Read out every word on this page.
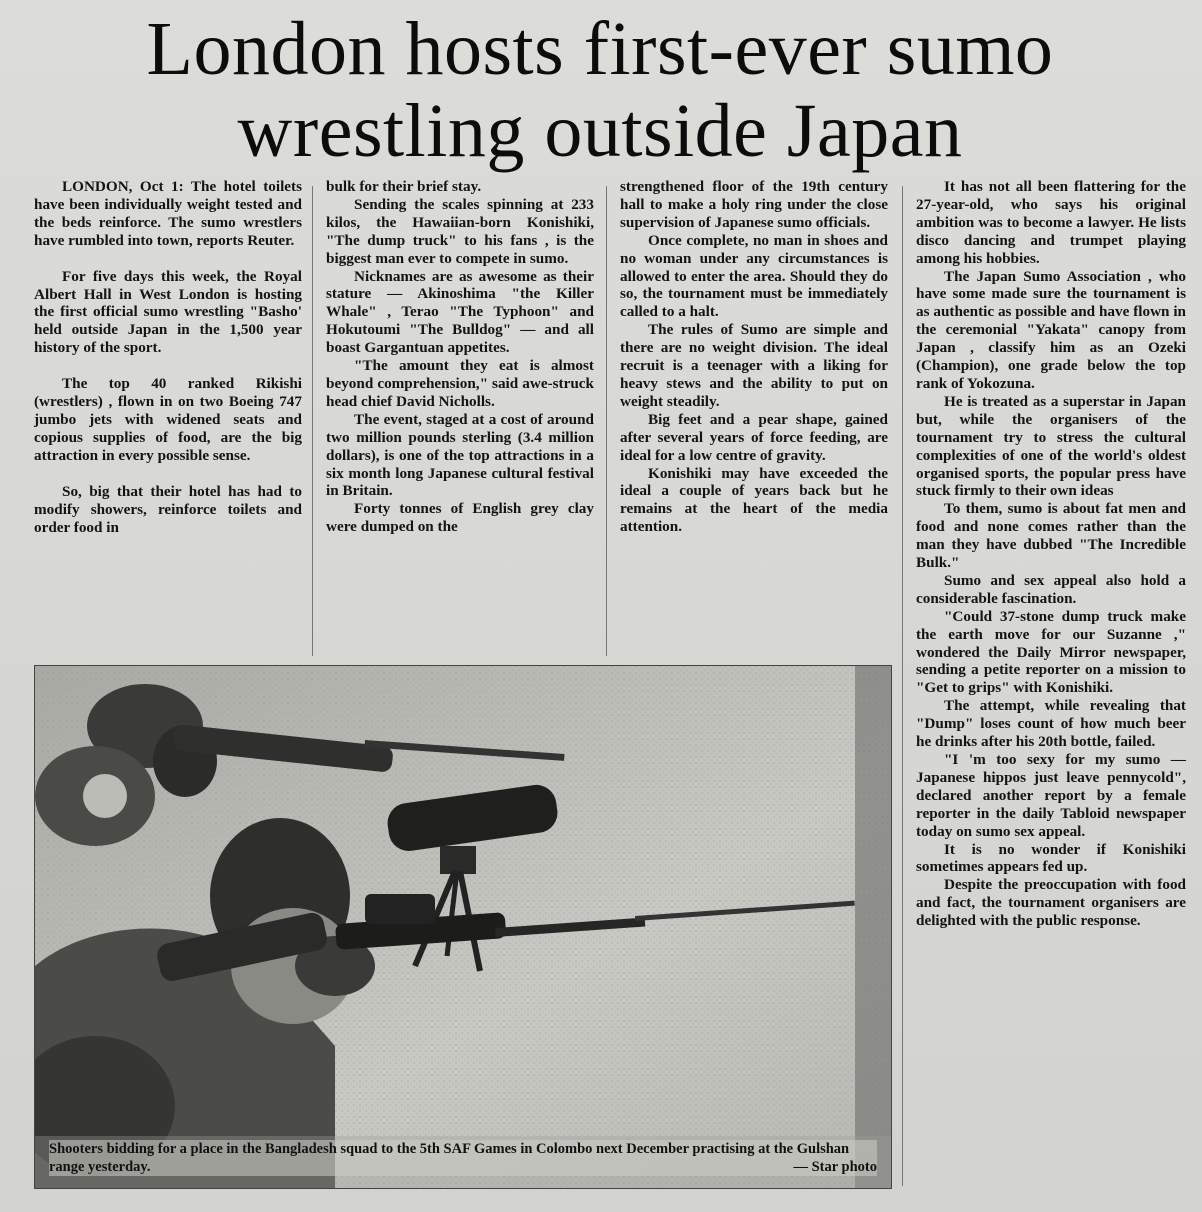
London hosts first-ever sumo
wrestling outside Japan

LONDON, Oct 1: The hotel toilets have been individually weight tested and the beds reinforce. The sumo wrestlers have rumbled into town, reports Reuter.

For five days this week, the Royal Albert Hall in West London is hosting the first official sumo wrestling "Basho' held outside Japan in the 1,500 year history of the sport.

The top 40 ranked Rikishi (wrestlers) , flown in on two Boeing 747 jumbo jets with widened seats and copious supplies of food, are the big attraction in every possible sense.

So, big that their hotel has had to modify showers, reinforce toilets and order food in

bulk for their brief stay.

Sending the scales spinning at 233 kilos, the Hawaiian-born Konishiki, "The dump truck" to his fans , is the biggest man ever to compete in sumo.

Nicknames are as awesome as their stature — Akinoshima "the Killer Whale" , Terao "The Typhoon" and Hokutoumi "The Bulldog" — and all boast Gargantuan appetites.

"The amount they eat is almost beyond comprehension," said awe-struck head chief David Nicholls.

The event, staged at a cost of around two million pounds sterling (3.4 million dollars), is one of the top attractions in a six month long Japanese cultural festival in Britain.

Forty tonnes of English grey clay were dumped on the

strengthened floor of the 19th century hall to make a holy ring under the close supervision of Japanese sumo officials.

Once complete, no man in shoes and no woman under any circumstances is allowed to enter the area. Should they do so, the tournament must be immediately called to a halt.

The rules of Sumo are simple and there are no weight division. The ideal recruit is a teenager with a liking for heavy stews and the ability to put on weight steadily.

Big feet and a pear shape, gained after several years of force feeding, are ideal for a low centre of gravity.

Konishiki may have exceeded the ideal a couple of years back but he remains at the heart of the media attention.

It has not all been flattering for the 27-year-old, who says his original ambition was to become a lawyer. He lists disco dancing and trumpet playing among his hobbies.

The Japan Sumo Association , who have some made sure the tournament is as authentic as possible and have flown in the ceremonial "Yakata" canopy from Japan , classify him as an Ozeki (Champion), one grade below the top rank of Yokozuna.

He is treated as a superstar in Japan but, while the organisers of the tournament try to stress the cultural complexities of one of the world's oldest organised sports, the popular press have stuck firmly to their own ideas

To them, sumo is about fat men and food and none comes rather than the man they have dubbed "The Incredible Bulk."

Sumo and sex appeal also hold a considerable fascination.

"Could 37-stone dump truck make the earth move for our Suzanne ," wondered the Daily Mirror newspaper, sending a petite reporter on a mission to "Get to grips" with Konishiki.

The attempt, while revealing that "Dump" loses count of how much beer he drinks after his 20th bottle, failed.

"I 'm too sexy for my sumo — Japanese hippos just leave pennycold", declared another report by a female reporter in the daily Tabloid newspaper today on sumo sex appeal.

It is no wonder if Konishiki sometimes appears fed up.

Despite the preoccupation with food and fact, the tournament organisers are delighted with the public response.

Shooters bidding for a place in the Bangladesh squad to the 5th SAF Games in Colombo next December practising at the Gulshan range yesterday.	— Star photo
